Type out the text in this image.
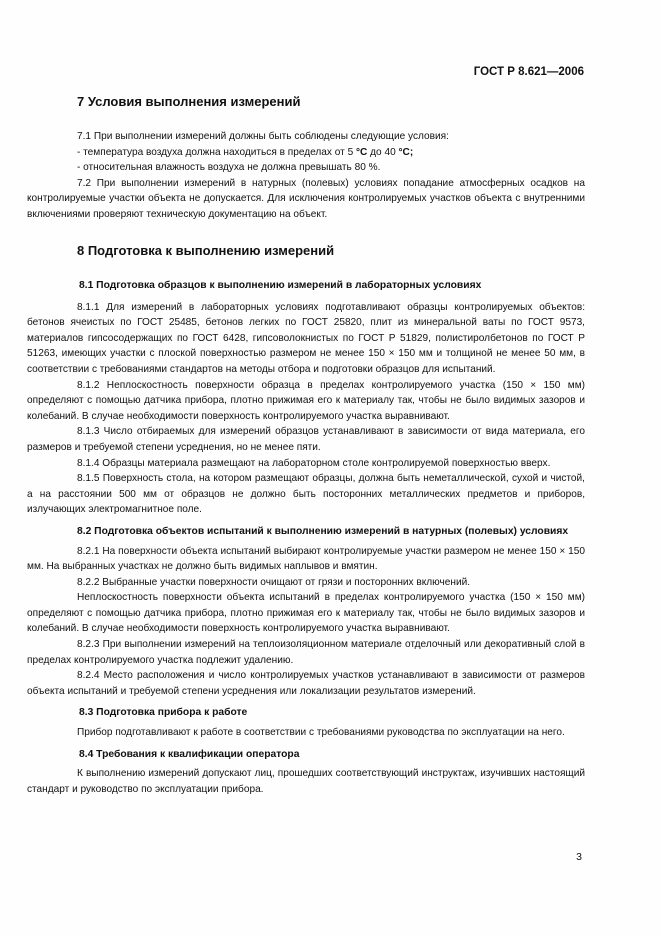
ГОСТ Р 8.621—2006
7 Условия выполнения измерений

7.1 При выполнении измерений должны быть соблюдены следующие условия:

- температура воздуха должна находиться в пределах от 5 °С до 40 °С;

- относительная влажность воздуха не должна превышать 80 %.

7.2 При выполнении измерений в натурных (полевых) условиях попадание атмосферных осадков на контролируемые участки объекта не допускается. Для исключения контролируемых участков объекта с внутренними включениями проверяют техническую документацию на объект.

8 Подготовка к выполнению измерений

8.1 Подготовка образцов к выполнению измерений в лабораторных условиях

8.1.1 Для измерений в лабораторных условиях подготавливают образцы контролируемых объектов: бетонов ячеистых по ГОСТ 25485, бетонов легких по ГОСТ 25820, плит из минеральной ваты по ГОСТ 9573, материалов гипсосодержащих по ГОСТ 6428, гипсоволокнистых по ГОСТ Р 51829, полистиролбетонов по ГОСТ Р 51263, имеющих участки с плоской поверхностью размером не менее 150 × 150 мм и толщиной не менее 50 мм, в соответствии с требованиями стандартов на методы отбора и подготовки образцов для испытаний.

8.1.2 Неплоскостность поверхности образца в пределах контролируемого участка (150 × 150 мм) определяют с помощью датчика прибора, плотно прижимая его к материалу так, чтобы не было видимых зазоров и колебаний. В случае необходимости поверхность контролируемого участка выравнивают.

8.1.3 Число отбираемых для измерений образцов устанавливают в зависимости от вида материала, его размеров и требуемой степени усреднения, но не менее пяти.

8.1.4 Образцы материала размещают на лабораторном столе контролируемой поверхностью вверх.

8.1.5 Поверхность стола, на котором размещают образцы, должна быть неметаллической, сухой и чистой, а на расстоянии 500 мм от образцов не должно быть посторонних металлических предметов и приборов, излучающих электромагнитное поле.

8.2 Подготовка объектов испытаний к выполнению измерений в натурных (полевых) условиях

8.2.1 На поверхности объекта испытаний выбирают контролируемые участки размером не менее 150 × 150 мм. На выбранных участках не должно быть видимых наплывов и вмятин.

8.2.2 Выбранные участки поверхности очищают от грязи и посторонних включений.

Неплоскостность поверхности объекта испытаний в пределах контролируемого участка (150 × 150 мм) определяют с помощью датчика прибора, плотно прижимая его к материалу так, чтобы не было видимых зазоров и колебаний. В случае необходимости поверхность контролируемого участка выравнивают.

8.2.3 При выполнении измерений на теплоизоляционном материале отделочный или декоративный слой в пределах контролируемого участка подлежит удалению.

8.2.4 Место расположения и число контролируемых участков устанавливают в зависимости от размеров объекта испытаний и требуемой степени усреднения или локализации результатов измерений.

8.3 Подготовка прибора к работе

Прибор подготавливают к работе в соответствии с требованиями руководства по эксплуатации на него.

8.4 Требования к квалификации оператора

К выполнению измерений допускают лиц, прошедших соответствующий инструктаж, изучивших настоящий стандарт и руководство по эксплуатации прибора.

3
